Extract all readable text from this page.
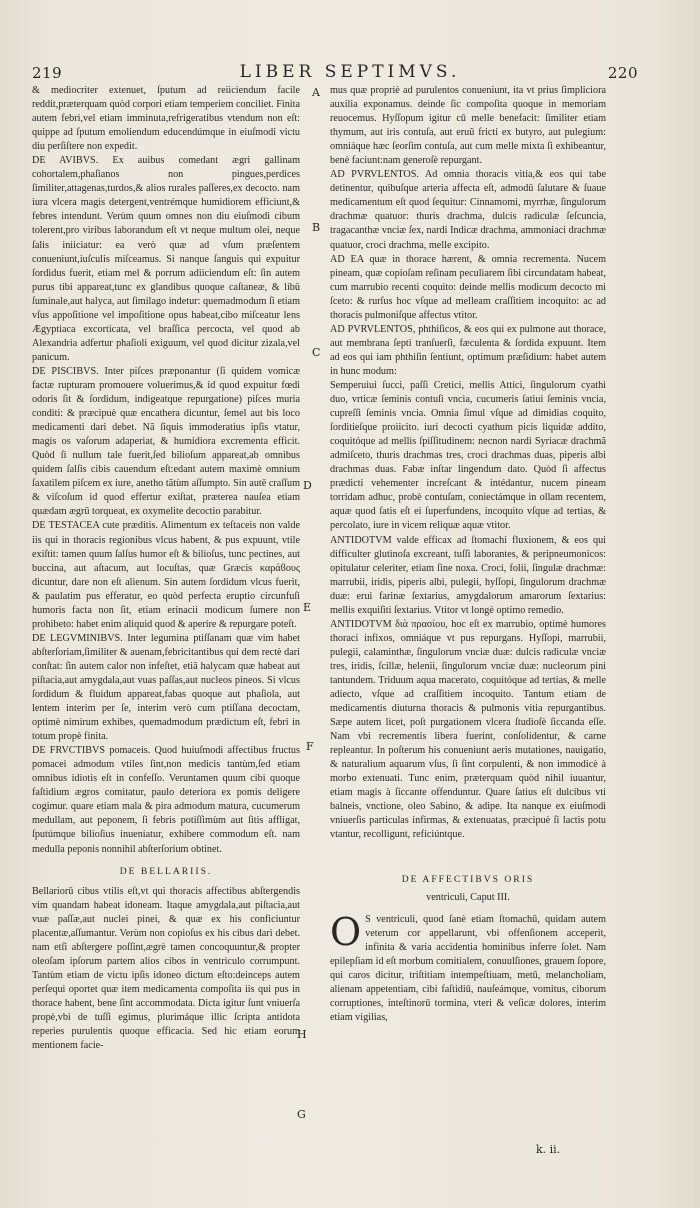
219	LIBER SEPTIMVS.	220

& mediocriter extenuet, ſputum ad reiiciendum facile reddit,præterquam quòd corpori etiam temperiem conciliet. Finita autem febri,vel etiam imminuta,refrigeratibus vtendum non eſt: quippe ad ſputum emoliendum educendúmque in eiuſmodi victu diu perſiſtere non expedit.

DE AVIBVS. Ex auibus comedant ægri gallinam cohortalem,phaſianos non pingues,perdices ſimiliter,attagenas,turdos,& alios rurales paſſeres,ex decocto. nam iura vlcera magis detergent,ventrémque humidiorem efficiunt,& febres intendunt. Verùm quum omnes non diu eiuſmodi cibum tolerent,pro viribus laborandum eſt vt neque multum olei, neque ſalis iniiciatur: ea verò quæ ad vſum præſentem conueniunt,iuſculis miſceamus. Si nanque ſanguis qui expuitur ſordidus fuerit, etiam mel & porrum adiiciendum eſt: ſin autem purus tibi appareat,tunc ex glandibus quoque caſtaneæ, & libû ſuminale,aut halyca, aut ſimilago indetur: quemadmodum ſi etiam vſus appoſitione vel impoſitione opus habeat,cibo miſceatur lens Ægyptiaca excorticata, vel braſſica percocta, vel quod ab Alexandria adfertur phaſioli exiguum, vel quod dicitur zizala,vel panicum.

DE PISCIBVS. Inter piſces præponantur (ſi quidem vomicæ factæ rupturam promouere voluerimus,& id quod expuitur fœdi odoris ſit & ſordidum, indigeatque repurgatione) piſces muria conditi: & præcipuè quæ encathera dicuntur, ſemel aut bis loco medicamenti dari debet. Nã ſiquis immoderatius ipſis vtatur, magis os vaſorum adaperiat, & humidiora excrementa efficit. Quòd ſi nullum tale fuerit,ſed bilioſum appareat,ab omnibus quidem ſalſis cibis cauendum eſt:edant autem maximè omnium ſaxatilem piſcem ex iure, anetho tãtùm aſſumpto. Sin autē craſſum & viſcoſum id quod effertur exiſtat, præterea nauſea etiam quædam ægrũ torqueat, ex oxymelite decoctio parabitur.

DE TESTACEA cute præditis. Alimentum ex teſtaceis non valde iis qui in thoracis regionibus vlcus habent, & pus expuunt, vtile exiſtit: tamen quum ſalſus humor eſt & bilioſus, tunc pectines, aut buccina, aut aſtacum, aut locuſtas, quæ Græcis καράϐους dicuntur, dare non eſt alienum. Sin autem ſordidum vlcus fuerit, & paulatim pus efferatur, eo quòd perfecta eruptio circunfuſi humoris facta non ſit, etiam erinacii modicum ſumere non prohibeto: habet enim aliquid quod & aperire & repurgare poteſt.

DE LEGVMINIBVS. Inter legumina ptiſſanam quæ vim habet abſterſoriam,ſimiliter & auenam,febricitantibus qui dem rectè dari conſtat: ſin autem calor non infeſtet, etiã halycam quæ habeat aut piſtacia,aut amygdala,aut vuas paſſas,aut nucleos pineos. Si vlcus ſordidum & fluidum appareat,fabas quoque aut phaſiola, aut lentem interim per ſe, interim verò cum ptiſſana decoctam, optimè nimirum exhibes, quemadmodum prædictum eſt, febri in totum propè finita.

DE FRVCTIBVS pomaceis. Quod huiuſmodi affectibus fructus pomacei admodum vtiles ſint,non medicis tantùm,ſed etiam omnibus idiotis eſt in confeſſo. Veruntamen quum cibi quoque faſtidium ægros comitatur, paulo deteriora ex pomis deligere cogimur. quare etiam mala & pira admodum matura, cucumerum medullam, aut peponem, ſi febris potiſſimùm aut ſitis affligat, ſputúmque bilioſius inueniatur, exhibere commodum eſt. nam medulla peponis nonnihil abſterſorium obtinet.

DE BELLARIIS.

Bellariorū cibus vtilis eſt,vt qui thoracis affectibus abſtergendis vim quandam habeat idoneam. Itaque amygdala,aut piſtacia,aut vuæ paſſæ,aut nuclei pinei, & quæ ex his conficiuntur placentæ,aſſumantur. Verùm non copioſus ex his cibus dari debet. nam etſi abſtergere poſſint,ægrè tamen concoquuntur,& propter oleoſam ipſorum partem alios cibos in ventriculo corrumpunt. Tantùm etiam de victu ipſis idoneo dictum eſto:deinceps autem perſequi oportet quæ item medicamenta compoſita iis qui pus in thorace habent, bene ſint accommodata. Dicta igitur ſunt vniuerſa propè,vbi de tuſſi egimus, plurimáque illic ſcripta antidota reperies purulentis quoque efficacia. Sed hic etiam eorum mentionem facie-

mus quæ propriè ad purulentos conueniunt, ita vt prius ſimpliciora auxilia exponamus. deinde ſic compoſita quoque in memoriam reuocemus. Hyſſopum igitur cū melle benefacit: ſimiliter etiam thymum, aut iris contuſa, aut eruũ fricti ex butyro, aut pulegium: omniáque hæc ſeorſim contuſa, aut cum melle mixta ſi exhibeantur, benè faciunt:nam generoſè repurgant.

AD PVRVLENTOS. Ad omnia thoracis vitia,& eos qui tabe detinentur, quibuſque arteria affecta eſt, admodū ſalutare & ſuaue medicamentum eſt quod ſequitur: Cinnamomi, myrrhæ, ſingulorum drachmæ quatuor: thuris drachma, dulcis radiculæ ſeſcuncia, tragacanthæ vnciæ ſex, nardi Indicæ drachma, ammoniaci drachmæ quatuor, croci drachma, melle excipito.

AD EA quæ in thorace hærent, & omnia recrementa. Nucem pineam, quæ copioſam reſinam peculiarem ſibi circundatam habeat, cum marrubio recenti coquito: deinde mellis modicum decocto mi ſceto: & rurſus hoc vſque ad melleam craſſitiem incoquito: ac ad thoracis pulmoniſque affectus vtitor.

AD PVRVLENTOS, phthiſicos, & eos qui ex pulmone aut thorace, aut membrana ſepti tranſuerſi, fæculenta & ſordida expuunt. Item ad eos qui iam phthiſin ſentiunt, optimum præſidium: habet autem in hunc modum:

Semperuiui ſucci, paſſi Cretici, mellis Attici, ſingulorum cyathi duo, vrticæ ſeminis contuſi vncia, cucumeris ſatiui ſeminis vncia, cupreſſi ſeminis vncia. Omnia ſimul vſque ad dimidias coquito, ſorditieſque proiicito. iuri decocti cyathum picis liquidæ addito, coquitóque ad mellis ſpiſſitudinem: necnon nardi Syriacæ drachmã admiſceto, thuris drachmas tres, croci drachmas duas, piperis albi drachmas duas. Fabæ inſtar lingendum dato. Quòd ſi affectus prædicti vehementer increſcant & intédantur, nucem pineam torridam adhuc, probè contuſam, coniectámque in ollam recentem, aquæ quod ſatis eſt ei ſuperfundens, incoquito vſque ad tertias, & percolato, iure in vicem reliquæ aquæ vtitor.

ANTIDOTVM valde efficax ad ſtomachi fluxionem, & eos qui difficulter glutinoſa excreant, tuſſi laborantes, & peripneumonicos: opitulatur celeriter, etiam ſine noxa. Croci, folii, ſingulæ drachmæ: marrubii, iridis, piperis albi, pulegii, hyſſopi, ſingulorum drachmæ duæ: erui farinæ ſextarius, amygdalorum amarorum ſextarius: mellis exquiſiti ſextarius. Vtitor vt longè optimo remedio.

ANTIDOTVM διὰ πρασίου, hoc eſt ex marrubio, optimè humores thoraci infixos, omniáque vt pus repurgans. Hyſſopi, marrubii, pulegii, calaminthæ, ſingulorum vnciæ duæ: dulcis radiculæ vnciæ tres, iridis, ſcillæ, helenii, ſingulorum vnciæ duæ: nucleorum pini tantundem. Triduum aqua macerato, coquitóque ad tertias, & melle adiecto, vſque ad craſſitiem incoquito. Tantum etiam de medicamentis diuturna thoracis & pulmonis vitia repurgantibus. Sæpe autem licet, poſt purgationem vlcera ſtudioſè ſiccanda eſſe. Nam vbi recrementis libera fuerint, conſolidentur, & carne repleantur. In poſterum his conueniunt aeris mutationes, nauigatio, & naturalium aquarum vſus, ſi ſint corpulenti, & non immodicè à morbo extenuati. Tunc enim, præterquam quòd nihil iuuantur, etiam magis à ſiccante offenduntur. Quare ſatius eſt dulcibus vti balneis, vnctione, oleo Sabino, & adipe. Ita nanque ex eiuſmodi vniuerſis particulas infirmas, & extenuatas, præcipuè ſi lactis potu vtantur, recolligunt, reficiúntque.

DE AFFECTIBVS ORIS
ventriculi, Caput III.

O S ventriculi, quod ſanè etiam ſtomachū, quidam autem veterum cor appellarunt, vbi offenſionem acceperit, infinita & varia accidentia hominibus inferre ſolet. Nam epilepſiam id eſt morbum comitialem, conuulſiones, grauem ſopore, qui caros dicitur, triſtitiam intempeſtiuam, metū, melancholiam, alienam appetentiam, cibi faſtidiū, nauſeámque, vomitus, ciborum corruptiones, inteſtinorū tormina, vteri & veſicæ dolores, interim etiam vigilias,

A
B
C
D
E
F
G
H
k. ii.
